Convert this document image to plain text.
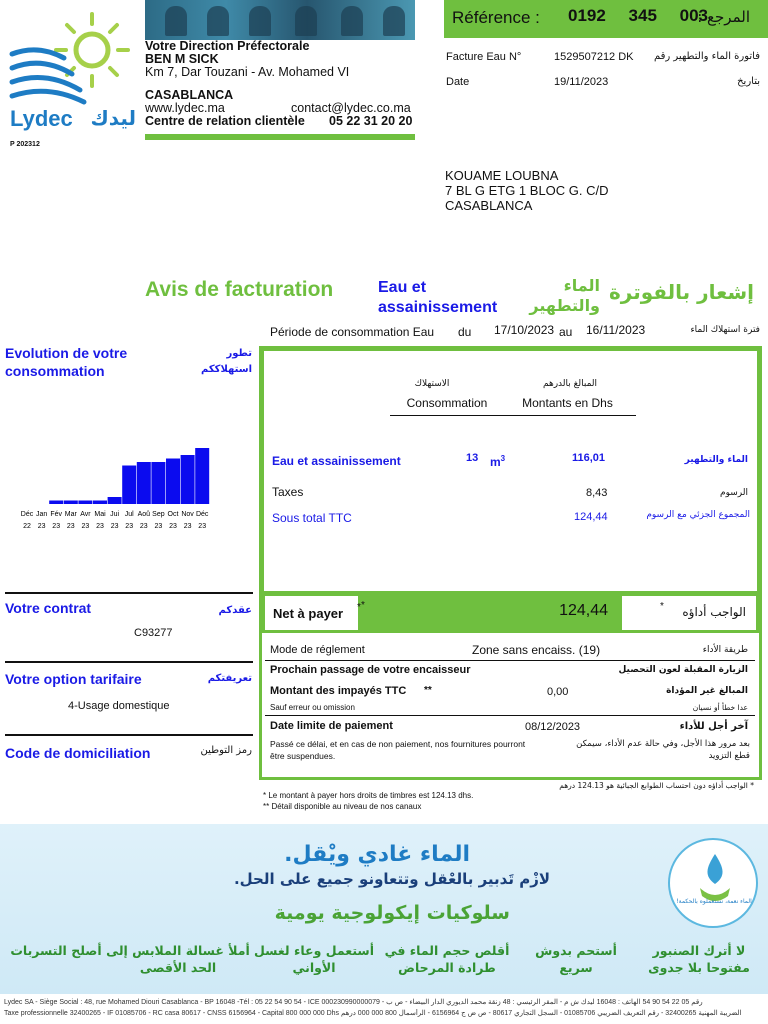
Lydec ليدك
P 202312
Votre Direction Préfectorale
BEN M SICK
Km 7, Dar Touzani - Av. Mohamed VI
CASABLANCA
www.lydec.ma	contact@lydec.co.ma
Centre de relation clientèle 05 22 31 20 20
Référence : 0192 345 003
المرجع :
Facture Eau N°	1529507212 DK	فاتورة الماء والتطهير رقم
Date	19/11/2023	بتاريخ
KOUAME LOUBNA
7 BL G ETG 1 BLOC G. C/D
CASABLANCA
Avis de facturation	Eau et assainissement
الماء والتطهير
إشعار بالفوترة
Période de consommation Eau du 17/10/2023 au 16/11/2023	فترة استهلاك الماء
Evolution de votre consommation
تطور استهلاككم
Déc
22
Jan
23
Fév
23
Mar
23
Avr
23
Mai
23
Jui
23
Jul
23
Aoû
23
Sep
23
Oct
23
Nov
23
Déc
23
Votre contrat	عقدكم
C93277
Votre option tarifaire	تعريفتكم
4-Usage domestique
Code de domiciliation	رمز التوطين
الاستهلاك
Consommation
المبالغ بالدرهم
Montants en Dhs
Eau et assainissement	13 $m^3$	116,01	الماء والتطهير
Taxes	8,43	الرسوم
Sous total TTC	124,44	المجموع الجزئي مع الرسوم
Net à payer
*
*	124,44	الواجب أداؤه
*
Mode de réglement	Zone sans encaiss. (19)	طريقة الأداء
Prochain passage de votre encaisseur	الزيارة المقبلة لعون التحصيل
Montant des impayés TTC **	0,00	المبالغ غير المؤداة
Sauf erreur ou omission	عدا خطأ أو نسيان
Date limite de paiement	08/12/2023	آخر أجل للأداء
Passé ce délai, et en cas de non paiement, nos fournitures pourront être suspendues.
بعد مرور هذا الأجل، وفي حالة عدم الأداء، سيمكن قطع التزويد
* الواجب أداؤه دون احتساب الطوابع الجبائية هو 124.13 درهم
* Le montant à payer hors droits de timbres est 124.13 dhs.
** Détail disponible au niveau de nos canaux
الماء نعمة، نستعملوه بالحكمة!
الماء غادي ويْقل.
لازْم تَدبير بالعْقل وتتعاونو جميع على الحل.
سلوكيات إيكولوجية يومية
لا أترك الصنبور مفتوحا بلا جدوى
أستحم بدوش سريع
أقلص حجم الماء في طرادة المرحاض
أستعمل وعاء لغسل الأواني
أملأ غسالة الملابس إلى الحد الأقصى
أصلح التسربات
Lydec SA - Siège Social : 48, rue Mohamed Diouri Casablanca - BP 16048 -Tél : 05 22 54 90 54 - ICE 000230990000079 - رقم 05 22 54 90 54 الهاتف : 16048 ليدك ش م - المقر الرئيسي : 48 زنقة محمد الديوري الدار البيضاء - ص ب
Taxe professionnelle 32400265 - IF 01085706 - RC casa 80617 - CNSS 6156964 - Capital 800 000 000 Dhs الضريبة المهنية 32400265 - رقم التعريف الضريبي 01085706 - السجل التجاري 80617 - ص ض ج 6156964 - الرأسمال 800 000 000 درهم
